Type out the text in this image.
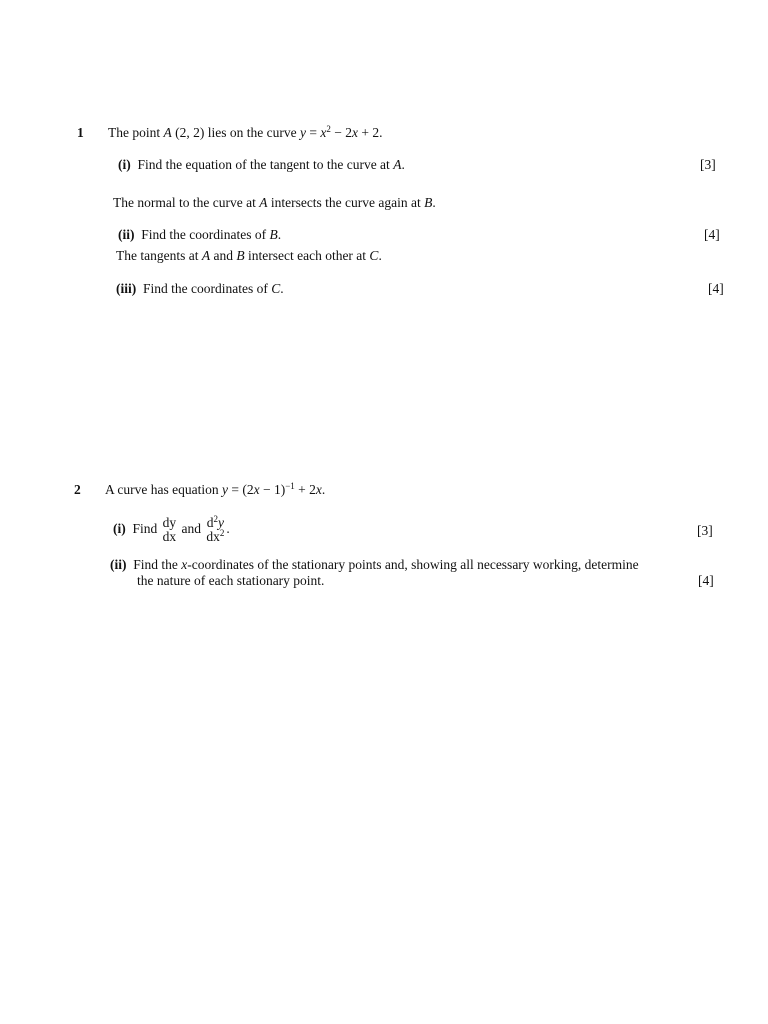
1 The point A (2, 2) lies on the curve $y = x^2 - 2x + 2$.
(i) Find the equation of the tangent to the curve at A.	[3]
The normal to the curve at A intersects the curve again at B.
(ii) Find the coordinates of B.	[4]
The tangents at A and B intersect each other at C.
(iii) Find the coordinates of C.	[4]
2 A curve has equation $y = (2x - 1)^{-1} + 2x$.
(i) Find dy
dx
and $d^2y$
$dx^2$ .	[3]
(ii) Find the x-coordinates of the stationary points and, showing all necessary working, determine
the nature of each stationary point.	[4]
